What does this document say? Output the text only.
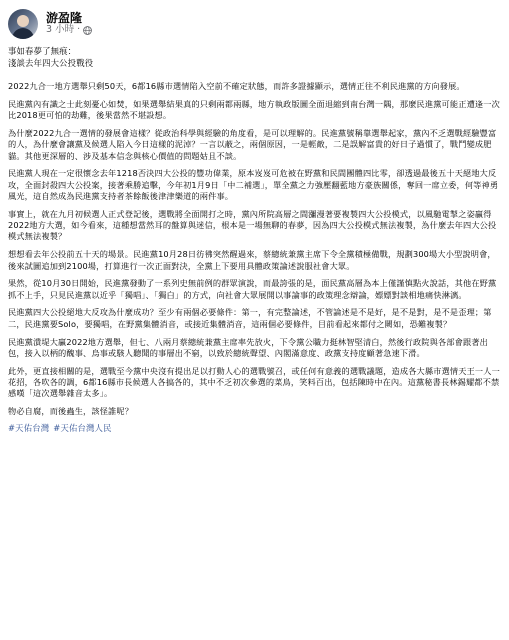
游盈隆
3 小時 ·
事如春夢了無痕：
淺談去年四大公投戰役

2022九合一地方選舉只剩50天，6都16縣市選情陷入空前不確定狀態，而許多證據顯示，選情正往不利民進黨的方向發展。

民進黨內有識之士此刻憂心如焚，如果選舉結果真的只剩兩都兩縣，地方執政版圖全面退縮到南台灣一隅，那麼民進黨可能正遭逢一次比2018更可怕的劫難，後果當然不堪設想。

為什麼2022九合一選情的發展會這樣？從政治科學與經驗的角度看，是可以理解的。民進黨號稱靠選舉起家，黨內不乏選戰經驗豐富的人，為什麼會讓黨及候選人陷入今日這樣的泥淖？一言以蔽之，兩個原因，一是輕敵，二是誤解富貴的好日子過慣了，戰鬥變成肥貓。其他更深層的、涉及基本信念與核心價值的問題姑且不談。

民進黨人現在一定很懷念去年1218否決四大公投的豐功偉業，原本岌岌可危被在野黨和民間團體四比零，卻透過最後五十天絕地大反攻，全面封殺四大公投案，接著乘勝追擊，今年初1月9日「中二補選」，單全黨之力強壓翻藍地方豪族關係，奪回一席立委，何等神勇風光，這自然成為民進黨支持者茶餘飯後津津樂道的兩件事。

事實上，就在九月初候選人正式登記後，選戰將全面開打之時，黨內所院高層之間瀰漫著要複製四大公投模式，以風馳電掣之姿贏得2022地方大選，如今看來，這種想當然耳的盤算與迷信，根本是一場無聊的春夢，因為四大公投模式無法複製，為什麼去年四大公投模式無法複製？

想想看去年公投前五十天的場景。民進黨10月28日彷彿突然醒過來，蔡總統兼黨主席下令全黨積極備戰，規劃300場大小型說明會，後來試圖追加到2100場，打算進行一次正面對決，全黨上下要用具體政策論述說服社會大眾。

果然，從10月30日開始，民進黨發動了一系列史無前例的群眾演說，而最誇張的是，面民黨高層為本上僅謹慎點火說話，其他在野黨抓不上手，只見民進黨以近乎「獨唱」、「獨白」的方式，向社會大眾展開以事論事的政策理念辯論，嫖嫖對談相地痛快淋漓。

民進黨四大公投絕地大反攻為什麼成功？至少有兩個必要條件：第一，有完整論述，不管論述是不是好，是不是對，是不是歪理；第二，民進黨要Solo，要獨唱，在野黨集體消音，或接近集體消音，這兩個必要條件，目前看起來都付之闕如，恐難複製？

民進黨潰堤大贏2022地方選舉，但七、八兩月蔡總統兼黨主席率先放火，下令黨公職力挺林智堅清白，然後行政院與各部會跟著出包，接入以柄的醜事、烏事或駭人聽聞的事層出不窮，以致於總統聲望、內閣滿意度、政黨支持度顧著急速下滑。

此外，更直接相關的是，選戰至今黨中央沒有提出足以打動人心的選戰號召，或任何有意義的選戰議題，造成各大縣市選情天王一人一花招，各吹各的調，6都16縣市長候選人各搞各的，其中不乏初次參選的菜鳥，笑料百出，包括陳時中在內。這黨秘書長林錫耀都不禁感嘆「這次選舉雜音太多」。

物必自腐，而後蟲生，該怪誰呢？

#天佑台灣 #天佑台灣人民
